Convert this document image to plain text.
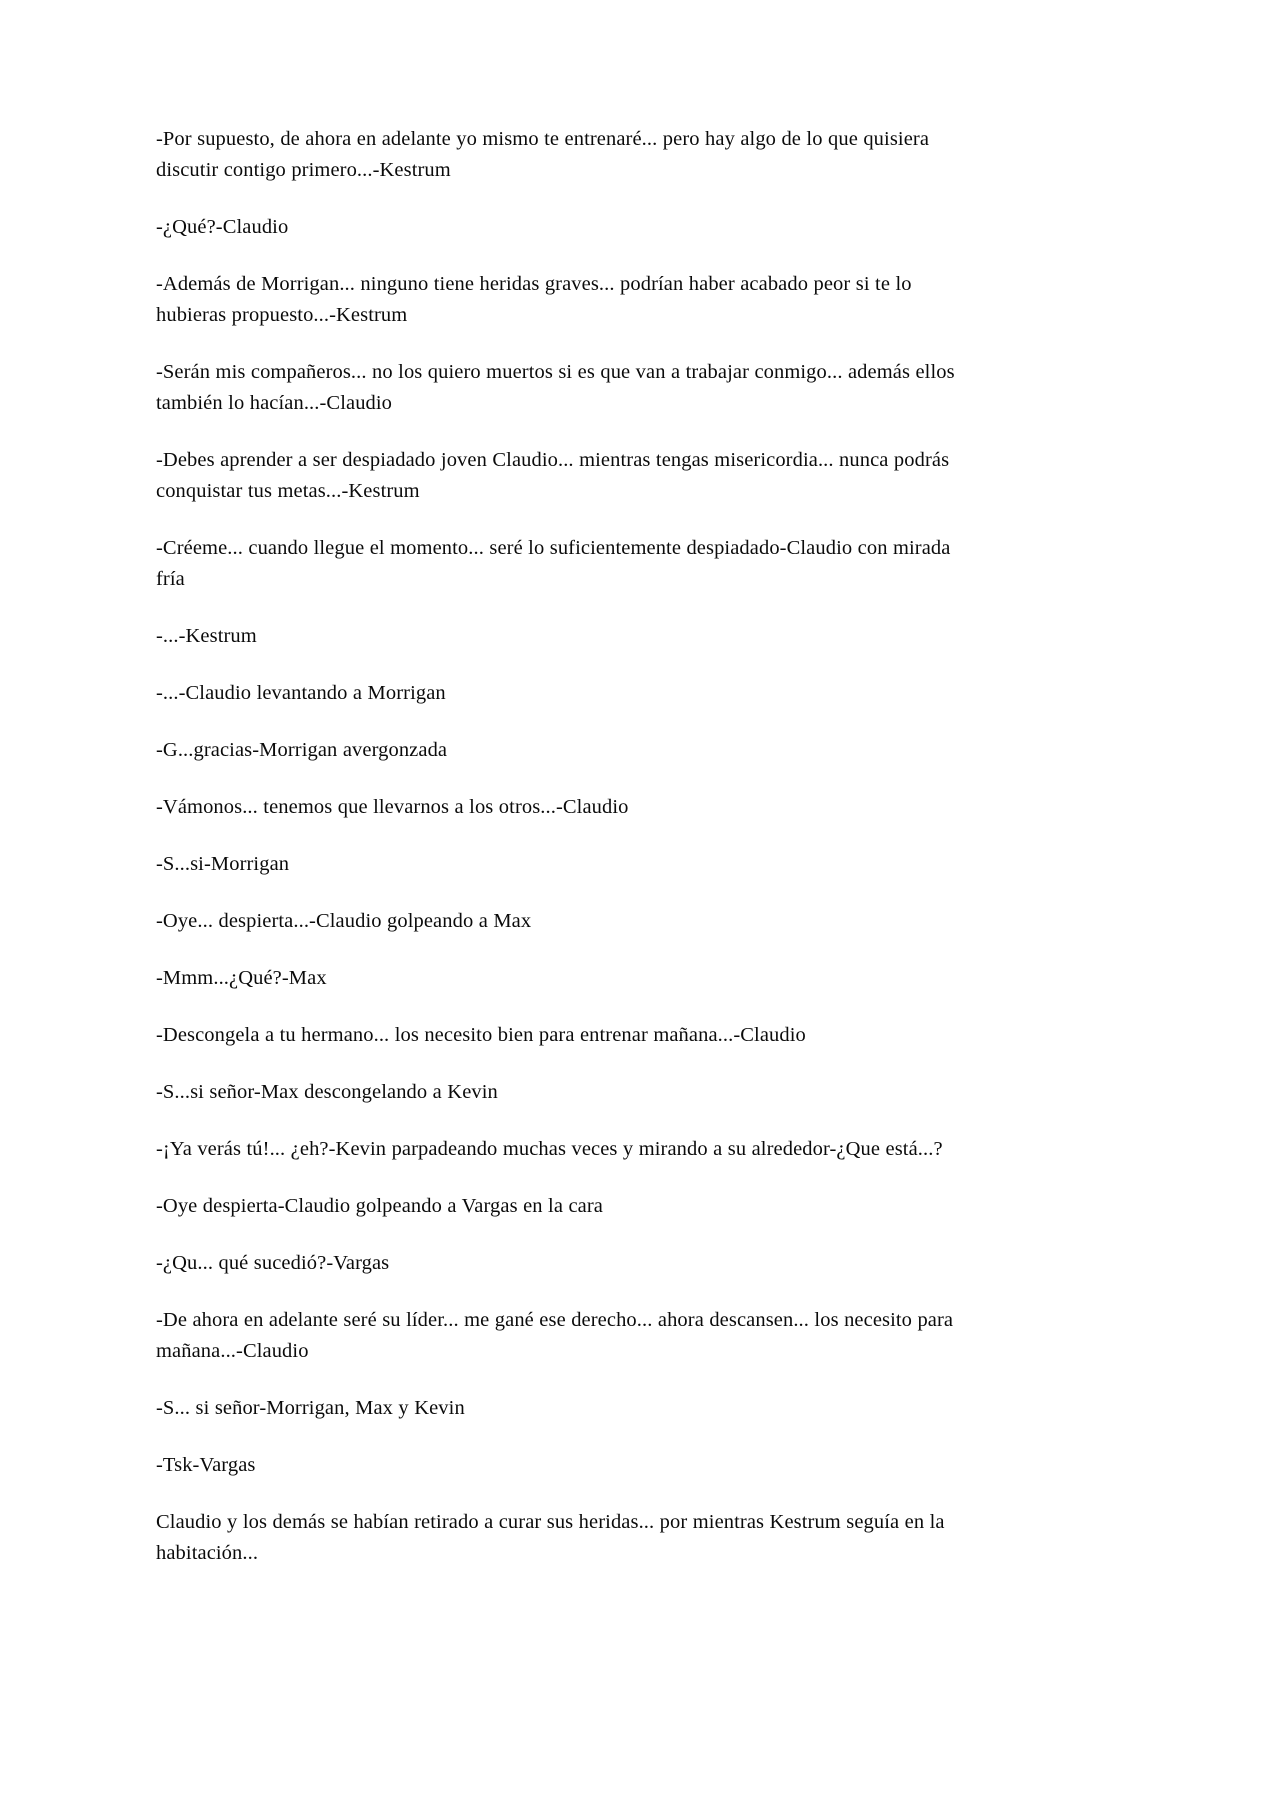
-Por supuesto, de ahora en adelante yo mismo te entrenaré... pero hay algo de lo que quisiera discutir contigo primero...-Kestrum

-¿Qué?-Claudio

-Además de Morrigan... ninguno tiene heridas graves... podrían haber acabado peor si te lo hubieras propuesto...-Kestrum

-Serán mis compañeros... no los quiero muertos si es que van a trabajar conmigo... además ellos también lo hacían...-Claudio

-Debes aprender a ser despiadado joven Claudio... mientras tengas misericordia... nunca podrás conquistar tus metas...-Kestrum

-Créeme... cuando llegue el momento... seré lo suficientemente despiadado-Claudio con mirada fría

-...-Kestrum

-...-Claudio levantando a Morrigan

-G...gracias-Morrigan avergonzada

-Vámonos... tenemos que llevarnos a los otros...-Claudio

-S...si-Morrigan

-Oye... despierta...-Claudio golpeando a Max

-Mmm...¿Qué?-Max

-Descongela a tu hermano... los necesito bien para entrenar mañana...-Claudio

-S...si señor-Max descongelando a Kevin

-¡Ya verás tú!... ¿eh?-Kevin parpadeando muchas veces y mirando a su alrededor-¿Que está...?

-Oye despierta-Claudio golpeando a Vargas en la cara

-¿Qu... qué sucedió?-Vargas

-De ahora en adelante seré su líder... me gané ese derecho... ahora descansen... los necesito para mañana...-Claudio

-S... si señor-Morrigan, Max y Kevin

-Tsk-Vargas

Claudio y los demás se habían retirado a curar sus heridas... por mientras Kestrum seguía en la habitación...
